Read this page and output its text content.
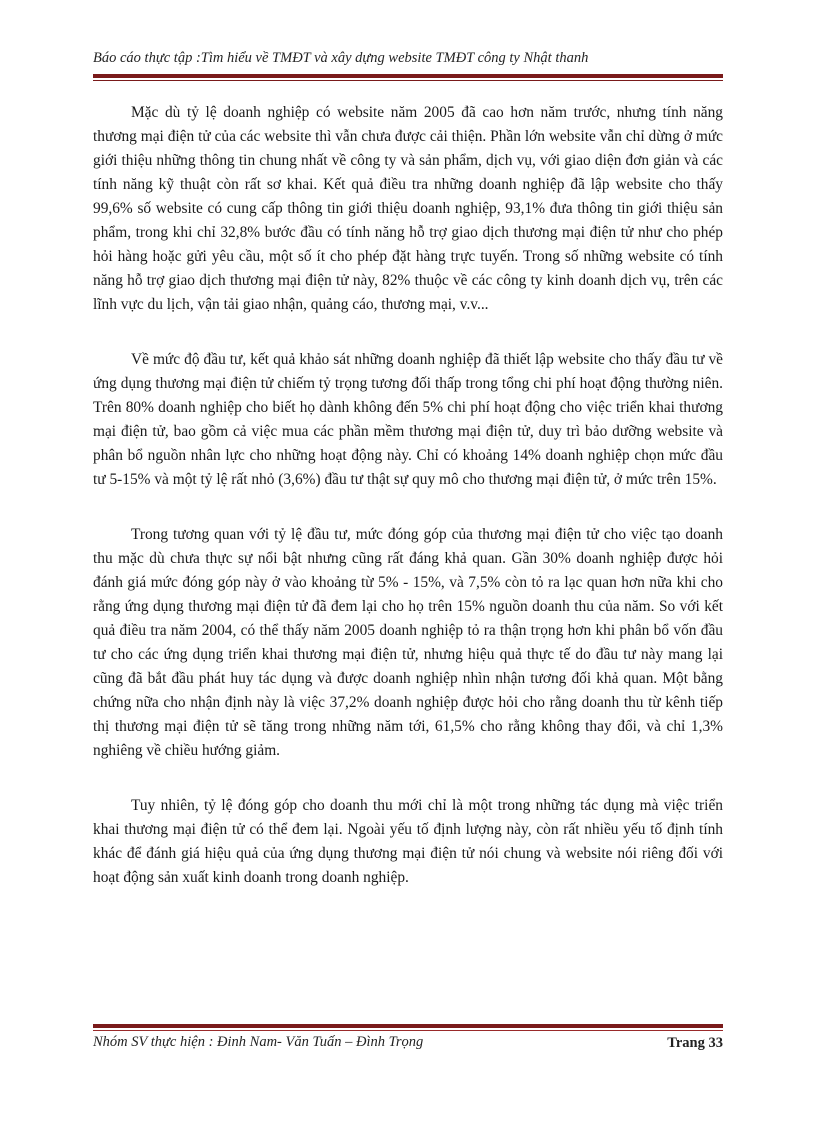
Báo cáo thực tập :Tìm hiểu về TMĐT và xây dựng website TMĐT công ty Nhật thanh

Mặc dù tỷ lệ doanh nghiệp có website năm 2005 đã cao hơn năm trước, nhưng tính năng thương mại điện tử của các website thì vẫn chưa được cải thiện. Phần lớn website vẫn chỉ dừng ở mức giới thiệu những thông tin chung nhất về công ty và sản phẩm, dịch vụ, với giao diện đơn giản và các tính năng kỹ thuật còn rất sơ khai. Kết quả điều tra những doanh nghiệp đã lập website cho thấy 99,6% số website có cung cấp thông tin giới thiệu doanh nghiệp, 93,1% đưa thông tin giới thiệu sản phẩm, trong khi chỉ 32,8% bước đầu có tính năng hỗ trợ giao dịch thương mại điện tử như cho phép hỏi hàng hoặc gửi yêu cầu, một số ít cho phép đặt hàng trực tuyến. Trong số những website có tính năng hỗ trợ giao dịch thương mại điện tử này, 82% thuộc về các công ty kinh doanh dịch vụ, trên các lĩnh vực du lịch, vận tải giao nhận, quảng cáo, thương mại, v.v...

Về mức độ đầu tư, kết quả khảo sát những doanh nghiệp đã thiết lập website cho thấy đầu tư về ứng dụng thương mại điện tử chiếm tỷ trọng tương đối thấp trong tổng chi phí hoạt động thường niên. Trên 80% doanh nghiệp cho biết họ dành không đến 5% chi phí hoạt động cho việc triển khai thương mại điện tử, bao gồm cả việc mua các phần mềm thương mại điện tử, duy trì bảo dưỡng website và phân bổ nguồn nhân lực cho những hoạt động này. Chỉ có khoảng 14% doanh nghiệp chọn mức đầu tư 5-15% và một tỷ lệ rất nhỏ (3,6%) đầu tư thật sự quy mô cho thương mại điện tử, ở mức trên 15%.

Trong tương quan với tỷ lệ đầu tư, mức đóng góp của thương mại điện tử cho việc tạo doanh thu mặc dù chưa thực sự nổi bật nhưng cũng rất đáng khả quan. Gần 30% doanh nghiệp được hỏi đánh giá mức đóng góp này ở vào khoảng từ 5% - 15%, và 7,5% còn tỏ ra lạc quan hơn nữa khi cho rằng ứng dụng thương mại điện tử đã đem lại cho họ trên 15% nguồn doanh thu của năm. So với kết quả điều tra năm 2004, có thể thấy năm 2005 doanh nghiệp tỏ ra thận trọng hơn khi phân bổ vốn đầu tư cho các ứng dụng triển khai thương mại điện tử, nhưng hiệu quả thực tế do đầu tư này mang lại cũng đã bắt đầu phát huy tác dụng và được doanh nghiệp nhìn nhận tương đối khả quan. Một bằng chứng nữa cho nhận định này là việc 37,2% doanh nghiệp được hỏi cho rằng doanh thu từ kênh tiếp thị thương mại điện tử sẽ tăng trong những năm tới, 61,5% cho rằng không thay đổi, và chỉ 1,3% nghiêng về chiều hướng giảm.

Tuy nhiên, tỷ lệ đóng góp cho doanh thu mới chỉ là một trong những tác dụng mà việc triển khai thương mại điện tử có thể đem lại. Ngoài yếu tố định lượng này, còn rất nhiều yếu tố định tính khác để đánh giá hiệu quả của ứng dụng thương mại điện tử nói chung và website nói riêng đối với hoạt động sản xuất kinh doanh trong doanh nghiệp.

Nhóm SV thực hiện : Đinh Nam- Văn Tuấn – Đình Trọng	Trang 33
